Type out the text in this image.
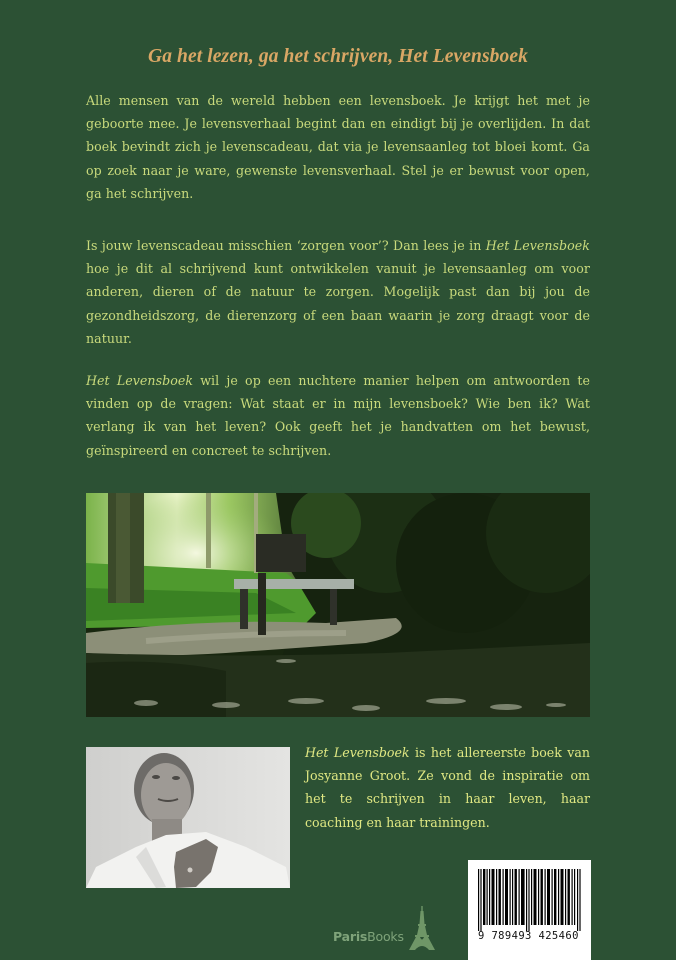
Ga het lezen, ga het schrijven, Het Levensboek

Alle mensen van de wereld hebben een levensboek. Je krijgt het met je geboorte mee. Je levensverhaal begint dan en eindigt bij je overlijden. In dat boek bevindt zich je levenscadeau, dat via je levensaanleg tot bloei komt. Ga op zoek naar je ware, gewenste levensverhaal. Stel je er bewust voor open, ga het schrijven.

Is jouw levenscadeau misschien ‘zorgen voor’? Dan lees je in Het Levensboek hoe je dit al schrijvend kunt ontwikkelen vanuit je levensaanleg om voor anderen, dieren of de natuur te zorgen. Mogelijk past dan bij jou de gezondheidszorg, de dierenzorg of een baan waarin je zorg draagt voor de natuur.

Het Levensboek wil je op een nuchtere manier helpen om antwoorden te vinden op de vragen: Wat staat er in mijn levensboek? Wie ben ik? Wat verlang ik van het leven? Ook geeft het je handvatten om het bewust, geïnspireerd en concreet te schrijven.

Het Levensboek is het allereerste boek van Josyanne Groot. Ze vond de inspiratie om het te schrijven in haar leven, haar coaching en haar trainingen.

ParisBooks	9 789493 425460
